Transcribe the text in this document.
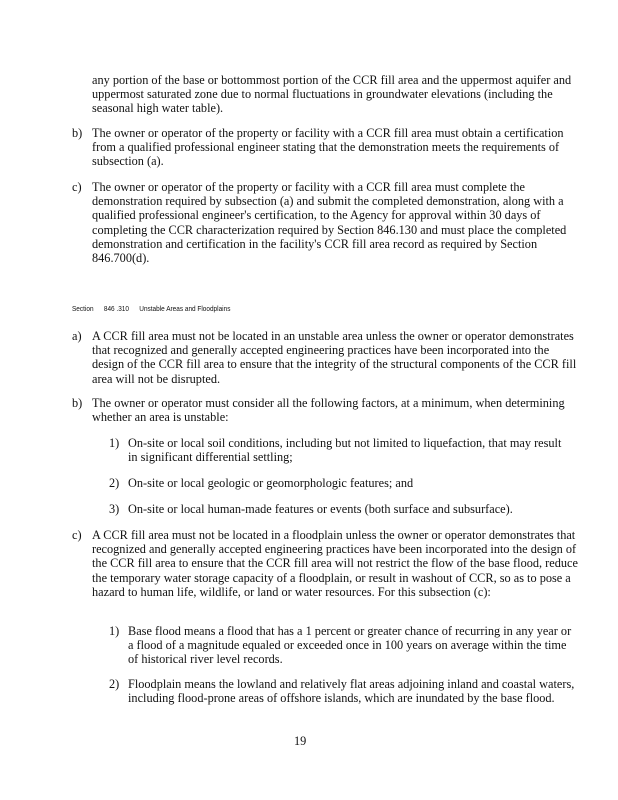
any portion of the base or bottommost portion of the CCR fill area and the uppermost aquifer and uppermost saturated zone due to normal fluctuations in groundwater elevations (including the seasonal high water table).

b) The owner or operator of the property or facility with a CCR fill area must obtain a certification from a qualified professional engineer stating that the demonstration meets the requirements of subsection (a).

c) The owner or operator of the property or facility with a CCR fill area must complete the demonstration required by subsection (a) and submit the completed demonstration, along with a qualified professional engineer's certification, to the Agency for approval within 30 days of completing the CCR characterization required by Section 846.130 and must place the completed demonstration and certification in the facility's CCR fill area record as required by Section 846.700(d).

Section 846 .310 Unstable Areas and Floodplains

a) A CCR fill area must not be located in an unstable area unless the owner or operator demonstrates that recognized and generally accepted engineering practices have been incorporated into the design of the CCR fill area to ensure that the integrity of the structural components of the CCR fill area will not be disrupted.

b) The owner or operator must consider all the following factors, at a minimum, when determining whether an area is unstable:

1) On-site or local soil conditions, including but not limited to liquefaction, that may result in significant differential settling;

2) On-site or local geologic or geomorphologic features; and

3) On-site or local human-made features or events (both surface and subsurface).

c) A CCR fill area must not be located in a floodplain unless the owner or operator demonstrates that recognized and generally accepted engineering practices have been incorporated into the design of the CCR fill area to ensure that the CCR fill area will not restrict the flow of the base flood, reduce the temporary water storage capacity of a floodplain, or result in washout of CCR, so as to pose a hazard to human life, wildlife, or land or water resources. For this subsection (c):

1) Base flood means a flood that has a 1 percent or greater chance of recurring in any year or a flood of a magnitude equaled or exceeded once in 100 years on average within the time of historical river level records.

2) Floodplain means the lowland and relatively flat areas adjoining inland and coastal waters, including flood-prone areas of offshore islands, which are inundated by the base flood.

19
